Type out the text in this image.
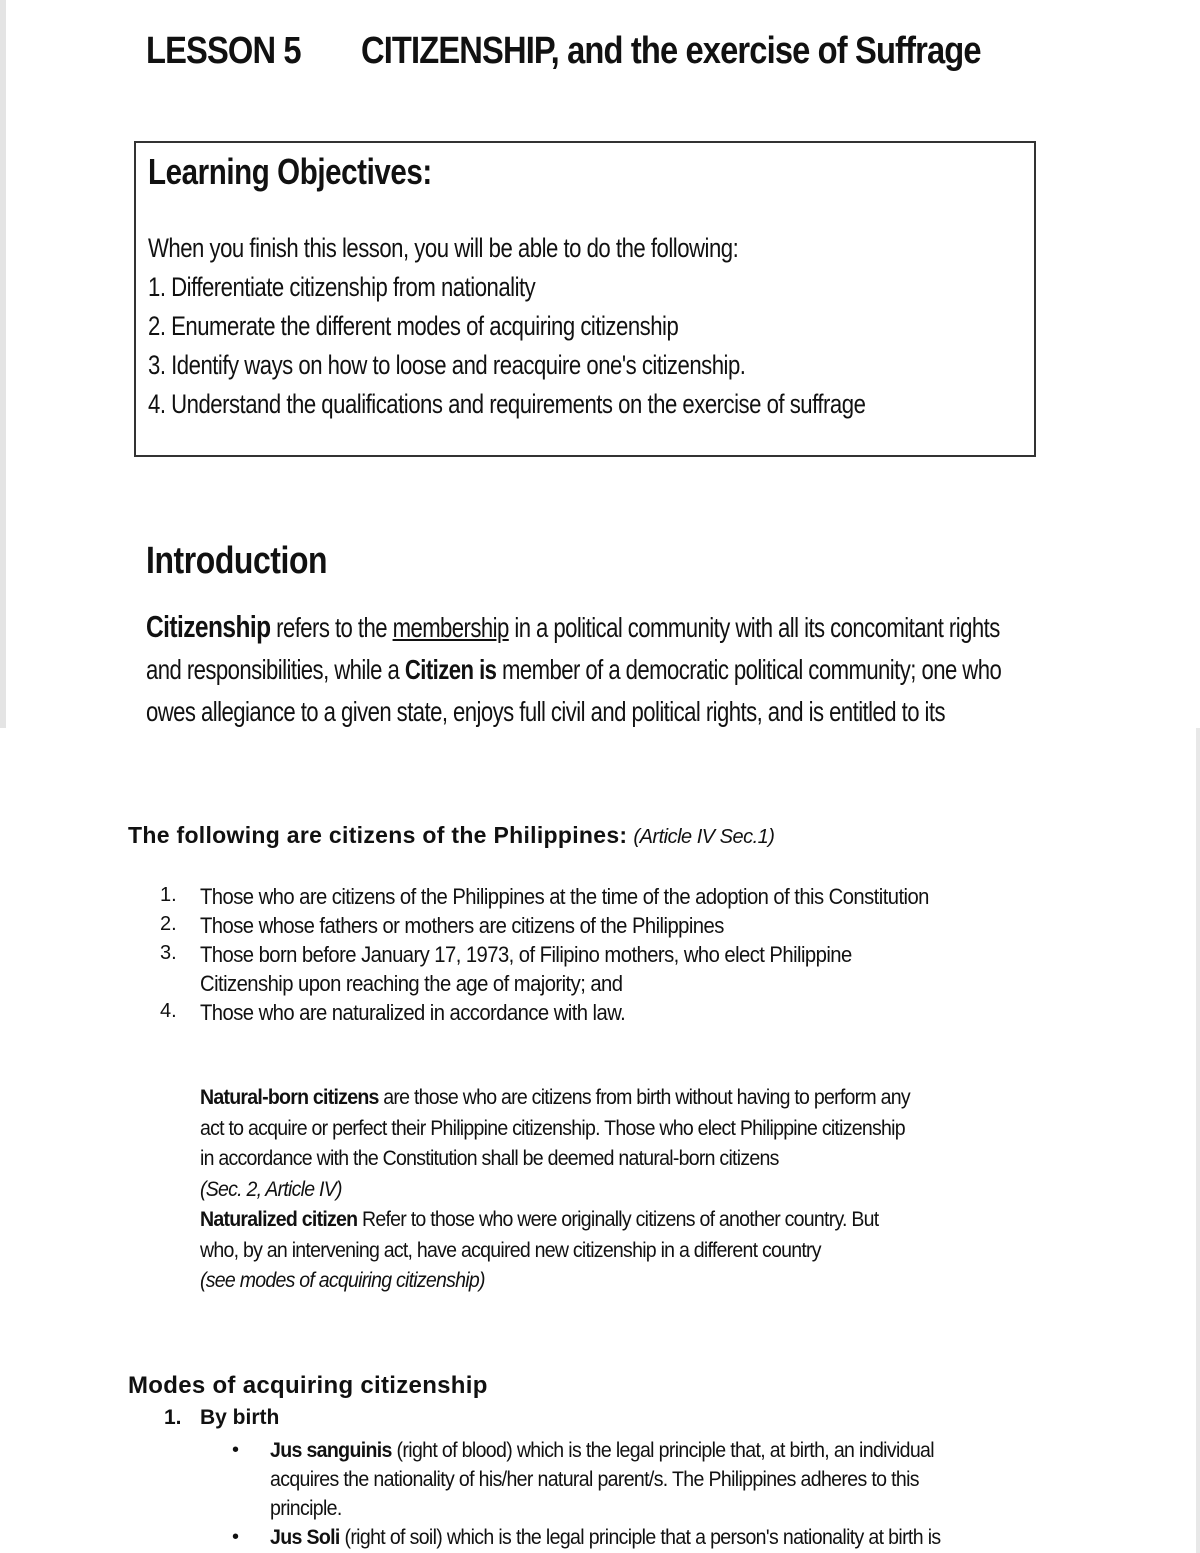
LESSON 5 CITIZENSHIP, and the exercise of Suffrage
Learning Objectives:
When you finish this lesson, you will be able to do the following:
1. Differentiate citizenship from nationality
2. Enumerate the different modes of acquiring citizenship
3. Identify ways on how to loose and reacquire one's citizenship.
4. Understand the qualifications and requirements on the exercise of suffrage
Introduction
Citizenship refers to the membership in a political community with all its concomitant rights
and responsibilities, while a Citizen is member of a democratic political community; one who
owes allegiance to a given state, enjoys full civil and political rights, and is entitled to its
The following are citizens of the Philippines: (Article IV Sec.1)
1. Those who are citizens of the Philippines at the time of the adoption of this Constitution
2. Those whose fathers or mothers are citizens of the Philippines
3. Those born before January 17, 1973, of Filipino mothers, who elect Philippine
Citizenship upon reaching the age of majority; and
4. Those who are naturalized in accordance with law.
Natural-born citizens are those who are citizens from birth without having to perform any
act to acquire or perfect their Philippine citizenship. Those who elect Philippine citizenship
in accordance with the Constitution shall be deemed natural-born citizens
(Sec. 2, Article IV)
Naturalized citizen Refer to those who were originally citizens of another country. But
who, by an intervening act, have acquired new citizenship in a different country
(see modes of acquiring citizenship)
Modes of acquiring citizenship
1. By birth
• Jus sanguinis (right of blood) which is the legal principle that, at birth, an individual
acquires the nationality of his/her natural parent/s. The Philippines adheres to this
principle.
• Jus Soli (right of soil) which is the legal principle that a person's nationality at birth is
